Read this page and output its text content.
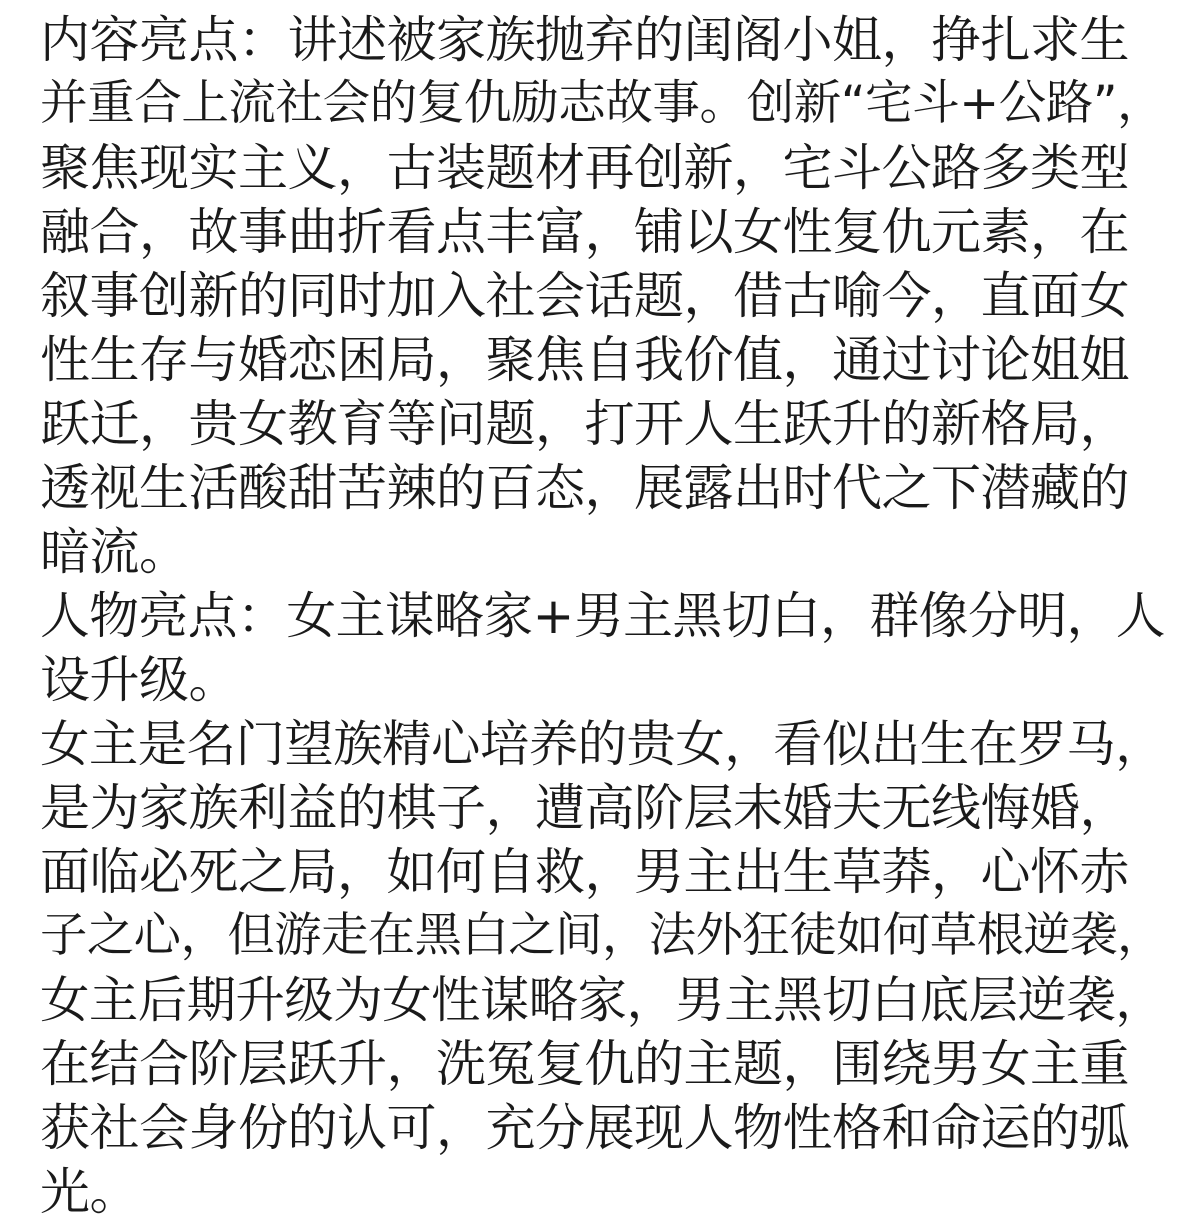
内容亮点：讲述被家族抛弃的闺阁小姐，挣扎求生
并重合上流社会的复仇励志故事。创新“宅斗+公路”，
聚焦现实主义，古装题材再创新，宅斗公路多类型
融合，故事曲折看点丰富，铺以女性复仇元素，在
叙事创新的同时加入社会话题，借古喻今，直面女
性生存与婚恋困局，聚焦自我价值，通过讨论姐姐
跃迁，贵女教育等问题，打开人生跃升的新格局，
透视生活酸甜苦辣的百态，展露出时代之下潜藏的
暗流。
人物亮点：女主谋略家+男主黑切白，群像分明，人
设升级。
女主是名门望族精心培养的贵女，看似出生在罗马，
是为家族利益的棋子，遭高阶层未婚夫无线悔婚，
面临必死之局，如何自救，男主出生草莽，心怀赤
子之心，但游走在黑白之间，法外狂徒如何草根逆袭，
女主后期升级为女性谋略家，男主黑切白底层逆袭，
在结合阶层跃升，洗冤复仇的主题，围绕男女主重
获社会身份的认可，充分展现人物性格和命运的弧
光。
